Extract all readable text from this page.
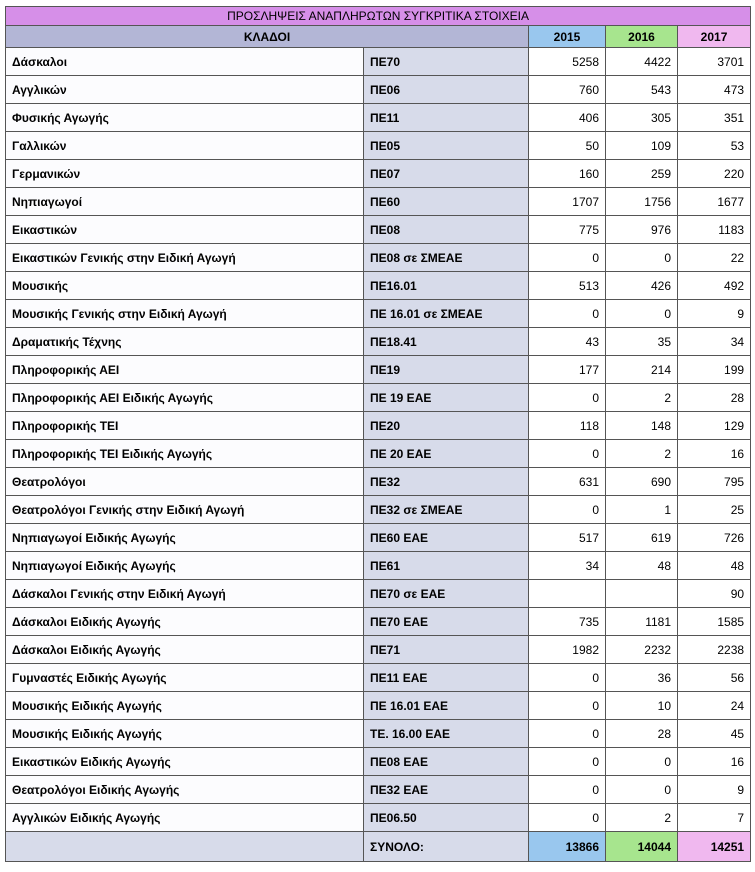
ΠΡΟΣΛΗΨΕΙΣ ΑΝΑΠΛΗΡΩΤΩΝ ΣΥΓΚΡΙΤΙΚΑ ΣΤΟΙΧΕΙΑ				
ΚΛΑΔΟΙ		2015	2016	2017
Δάσκαλοι	ΠΕ70	5258	4422	3701
Αγγλικών	ΠΕ06	760	543	473
Φυσικής Αγωγής	ΠΕ11	406	305	351
Γαλλικών	ΠΕ05	50	109	53
Γερμανικών	ΠΕ07	160	259	220
Νηπιαγωγοί	ΠΕ60	1707	1756	1677
Εικαστικών	ΠΕ08	775	976	1183
Εικαστικών Γενικής στην Ειδική Αγωγή	ΠΕ08 σε ΣΜΕΑΕ	0	0	22
Μουσικής	ΠΕ16.01	513	426	492
Μουσικής Γενικής στην Ειδική Αγωγή	ΠΕ 16.01 σε ΣΜΕΑΕ	0	0	9
Δραματικής Τέχνης	ΠΕ18.41	43	35	34
Πληροφορικής ΑΕΙ	ΠΕ19	177	214	199
Πληροφορικής ΑΕΙ Ειδικής Αγωγής	ΠΕ 19 ΕΑΕ	0	2	28
Πληροφορικής ΤΕΙ	ΠΕ20	118	148	129
Πληροφορικής ΤΕΙ Ειδικής Αγωγής	ΠΕ 20 ΕΑΕ	0	2	16
Θεατρολόγοι	ΠΕ32	631	690	795
Θεατρολόγοι Γενικής στην Ειδική Αγωγή	ΠΕ32 σε ΣΜΕΑΕ	0	1	25
Νηπιαγωγοί Ειδικής Αγωγής	ΠΕ60 ΕΑΕ	517	619	726
Νηπιαγωγοί Ειδικής Αγωγής	ΠΕ61	34	48	48
Δάσκαλοι Γενικής στην Ειδική Αγωγή	ΠΕ70 σε ΕΑΕ			90
Δάσκαλοι Ειδικής Αγωγής	ΠΕ70 ΕΑΕ	735	1181	1585
Δάσκαλοι Ειδικής Αγωγής	ΠΕ71	1982	2232	2238
Γυμναστές Ειδικής Αγωγής	ΠΕ11 ΕΑΕ	0	36	56
Μουσικής Ειδικής Αγωγής	ΠΕ 16.01 ΕΑΕ	0	10	24
Μουσικής Ειδικής Αγωγής	ΤΕ. 16.00 ΕΑΕ	0	28	45
Εικαστικών Ειδικής Αγωγής	ΠΕ08 ΕΑΕ	0	0	16
Θεατρολόγοι Ειδικής Αγωγής	ΠΕ32 ΕΑΕ	0	0	9
Αγγλικών Ειδικής Αγωγής	ΠΕ06.50	0	2	7
	ΣΥΝΟΛΟ:	13866	14044	14251
